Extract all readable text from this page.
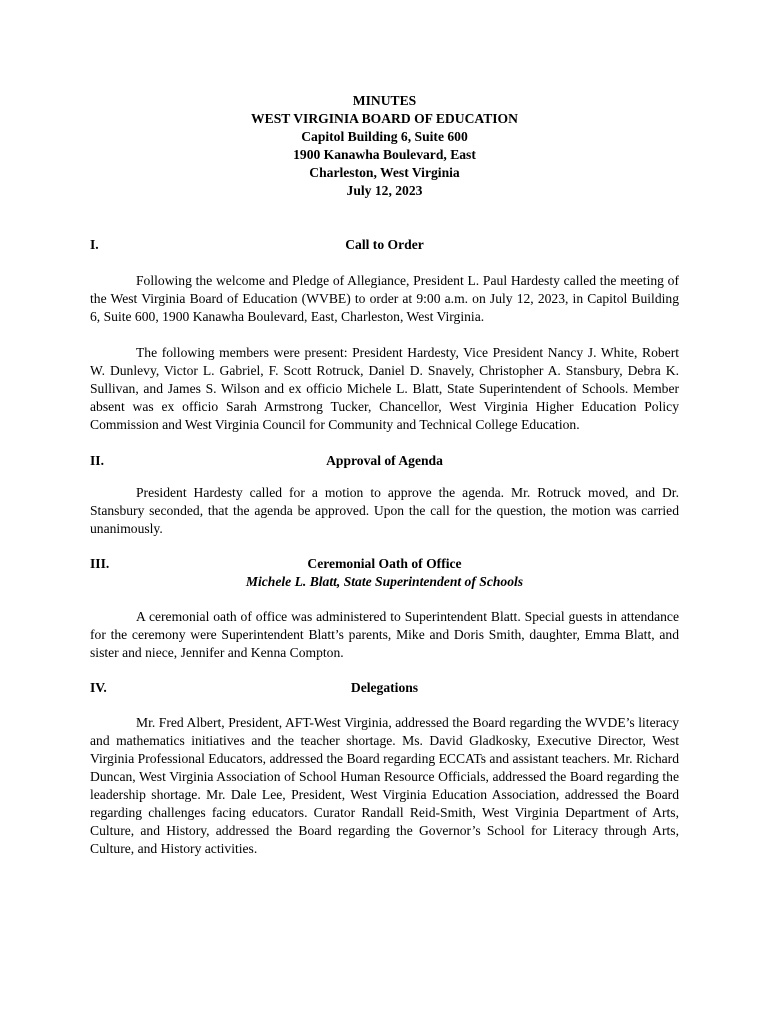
MINUTES
WEST VIRGINIA BOARD OF EDUCATION
Capitol Building 6, Suite 600
1900 Kanawha Boulevard, East
Charleston, West Virginia
July 12, 2023
I.	Call to Order

Following the welcome and Pledge of Allegiance, President L. Paul Hardesty called the meeting of the West Virginia Board of Education (WVBE) to order at 9:00 a.m. on July 12, 2023, in Capitol Building 6, Suite 600, 1900 Kanawha Boulevard, East, Charleston, West Virginia.

The following members were present: President Hardesty, Vice President Nancy J. White, Robert W. Dunlevy, Victor L. Gabriel, F. Scott Rotruck, Daniel D. Snavely, Christopher A. Stansbury, Debra K. Sullivan, and James S. Wilson and ex officio Michele L. Blatt, State Superintendent of Schools. Member absent was ex officio Sarah Armstrong Tucker, Chancellor, West Virginia Higher Education Policy Commission and West Virginia Council for Community and Technical College Education.

II.	Approval of Agenda

President Hardesty called for a motion to approve the agenda. Mr. Rotruck moved, and Dr. Stansbury seconded, that the agenda be approved. Upon the call for the question, the motion was carried unanimously.

III.	Ceremonial Oath of Office
Michele L. Blatt, State Superintendent of Schools

A ceremonial oath of office was administered to Superintendent Blatt. Special guests in attendance for the ceremony were Superintendent Blatt’s parents, Mike and Doris Smith, daughter, Emma Blatt, and sister and niece, Jennifer and Kenna Compton.

IV.	Delegations

Mr. Fred Albert, President, AFT-West Virginia, addressed the Board regarding the WVDE’s literacy and mathematics initiatives and the teacher shortage. Ms. David Gladkosky, Executive Director, West Virginia Professional Educators, addressed the Board regarding ECCATs and assistant teachers. Mr. Richard Duncan, West Virginia Association of School Human Resource Officials, addressed the Board regarding the leadership shortage. Mr. Dale Lee, President, West Virginia Education Association, addressed the Board regarding challenges facing educators. Curator Randall Reid-Smith, West Virginia Department of Arts, Culture, and History, addressed the Board regarding the Governor’s School for Literacy through Arts, Culture, and History activities.
